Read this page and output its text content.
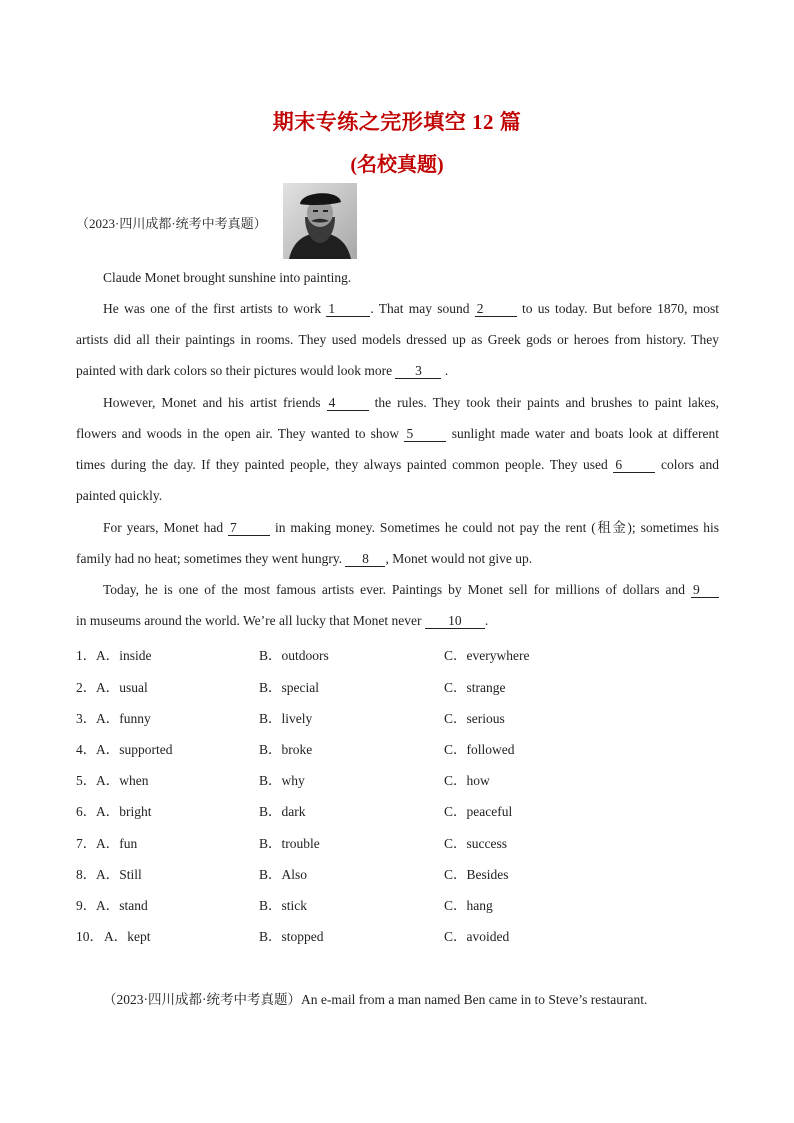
期末专练之完形填空 12 篇
(名校真题)
（2023·四川成都·统考中考真题）
Claude Monet brought sunshine into painting.
He was one of the first artists to work 1	. That may sound 2	to us today. But before 1870, most
artists did all their paintings in rooms. They used models dressed up as Greek gods or heroes from history. They
painted with dark colors so their pictures would look more 3 .
However, Monet and his artist friends 4	the rules. They took their paints and brushes to paint lakes,
flowers and woods in the open air. They wanted to show 5	sunlight made water and boats look at different
times during the day. If they painted people, they always painted common people. They used 6	colors and
painted quickly.
For years, Monet had 7	in making money. Sometimes he could not pay the rent (租金); sometimes his
family had no heat; sometimes they went hungry. 8 , Monet would not give up.
Today, he is one of the most famous artists ever. Paintings by Monet sell for millions of dollars and 9
in museums around the world. We’re all lucky that Monet never 10 .
1． A．inside	B．outdoors	C．everywhere
2． A．usual	B．special	C．strange
3． A．funny	B．lively	C．serious
4． A．supported	B．broke	C．followed
5． A．when	B．why	C．how
6． A．bright	B．dark	C．peaceful
7． A．fun	B．trouble	C．success
8． A．Still	B．Also	C．Besides
9． A．stand	B．stick	C．hang
10． A．kept	B．stopped	C．avoided
（2023·四川成都·统考中考真题）An e-mail from a man named Ben came in to Steve’s restaurant.
